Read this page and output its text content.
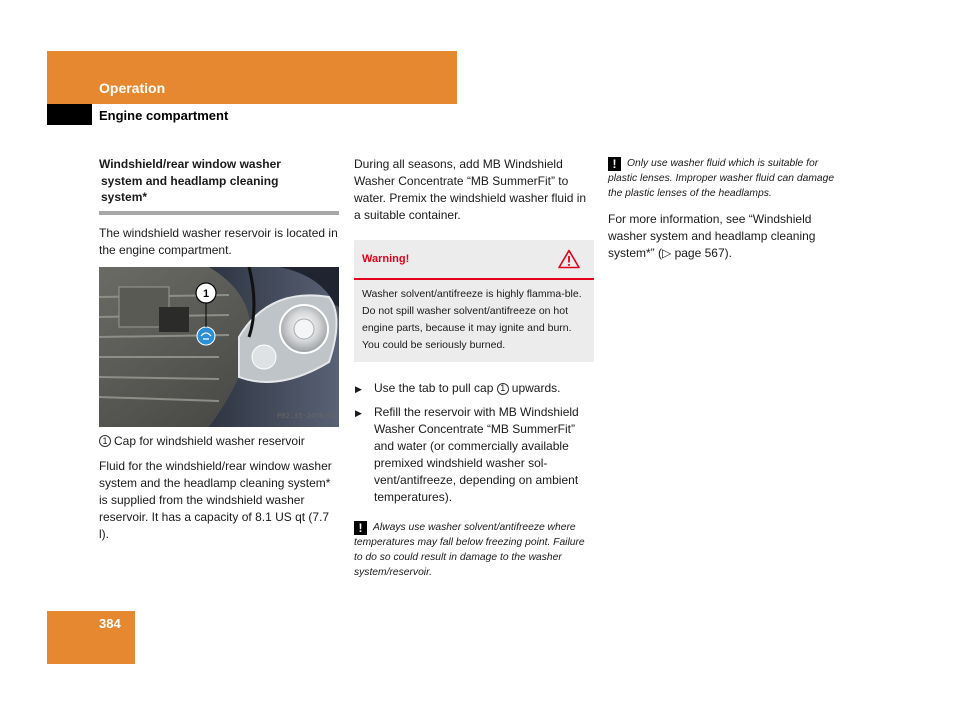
Operation
Engine compartment
Windshield/rear window washer
system and headlamp cleaning
system*

The windshield washer reservoir is located in the engine compartment.

1
P82.35-2458-31

1 Cap for windshield washer reservoir

Fluid for the windshield/rear window washer system and the headlamp cleaning system* is supplied from the windshield washer reservoir. It has a capacity of 8.1 US qt (7.7 l).

During all seasons, add MB Windshield Washer Concentrate “MB SummerFit” to water. Premix the windshield washer fluid in a suitable container.

Warning!
Washer solvent/antifreeze is highly flamma-ble. Do not spill washer solvent/antifreeze on hot engine parts, because it may ignite and burn. You could be seriously burned.
▶ Use the tab to pull cap 1 upwards.
▶ Refill the reservoir with MB Windshield Washer Concentrate “MB SummerFit” and water (or commercially available premixed windshield washer sol-vent/antifreeze, depending on ambient temperatures).
! Always use washer solvent/antifreeze where temperatures may fall below freezing point. Failure to do so could result in damage to the washer system/reservoir.
! Only use washer fluid which is suitable for plastic lenses. Improper washer fluid can damage the plastic lenses of the headlamps.

For more information, see “Windshield washer system and headlamp cleaning system*” (▷ page 567).

384
